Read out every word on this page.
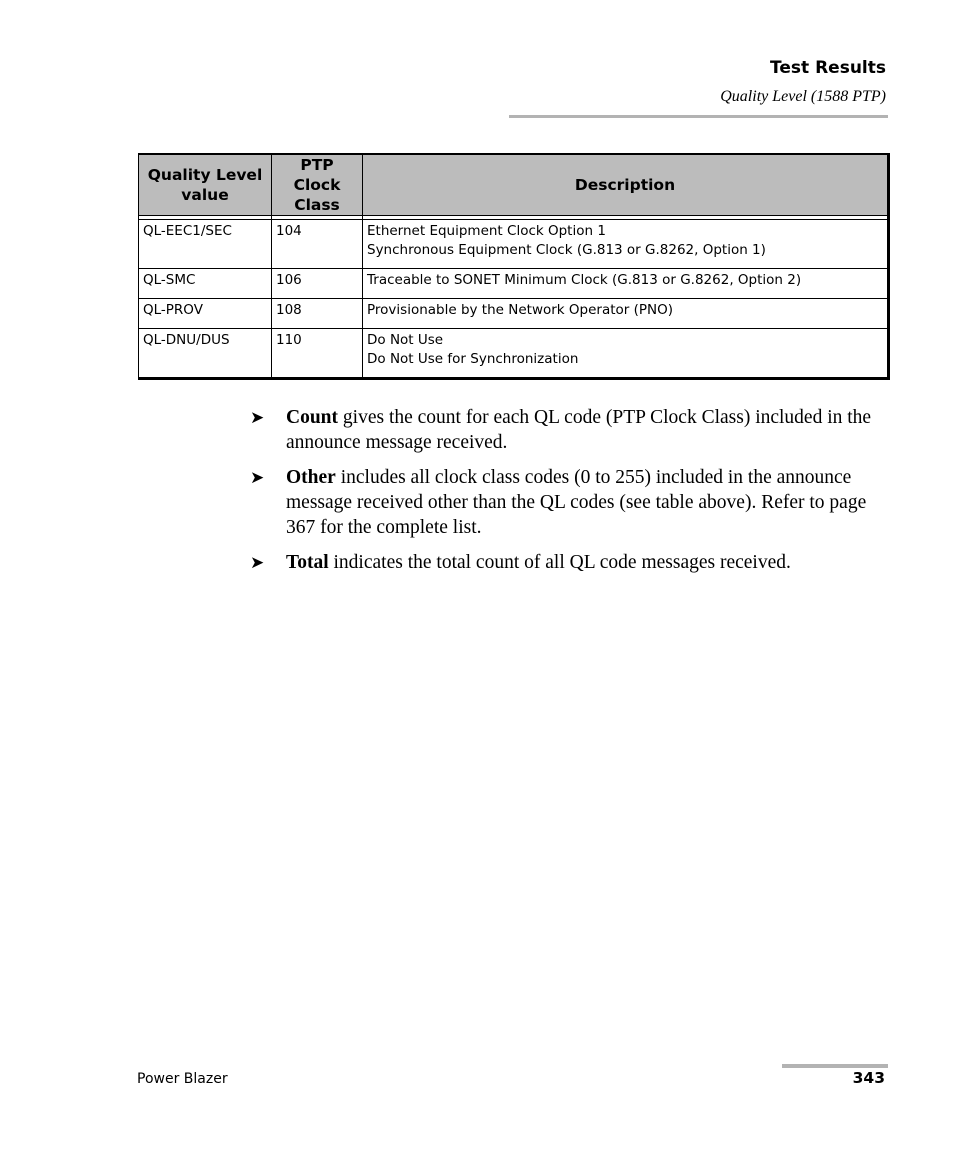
Test Results
Quality Level (1588 PTP)
Quality Level value	PTP Clock Class	Description

QL-EEC1/SEC	104	Ethernet Equipment Clock Option 1
Synchronous Equipment Clock (G.813 or G.8262, Option 1)

QL-SMC	106	Traceable to SONET Minimum Clock (G.813 or G.8262, Option 2)

QL-PROV	108	Provisionable by the Network Operator (PNO)

QL-DNU/DUS	110	Do Not Use
Do Not Use for Synchronization
➤ Count gives the count for each QL code (PTP Clock Class) included in the announce message received.
➤ Other includes all clock class codes (0 to 255) included in the announce message received other than the QL codes (see table above). Refer to page 367 for the complete list.
➤ Total indicates the total count of all QL code messages received.
Power Blazer	343
